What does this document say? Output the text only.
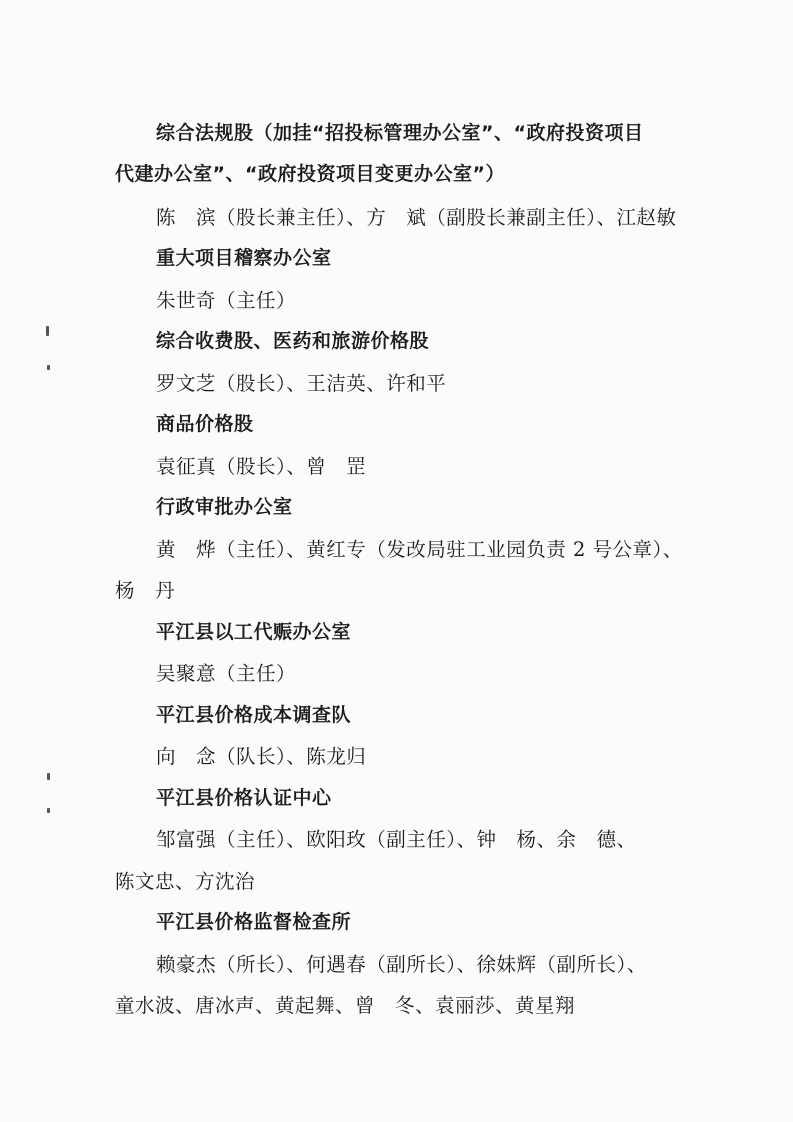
综合法规股（加挂“招投标管理办公室”、“政府投资项目
代建办公室”、“政府投资项目变更办公室”）
陈　滨（股长兼主任）、方　斌（副股长兼副主任）、江赵敏
重大项目稽察办公室
朱世奇（主任）
综合收费股、医药和旅游价格股
罗文芝（股长）、王洁英、许和平
商品价格股
袁征真（股长）、曾　罡
行政审批办公室
黄　烨（主任）、黄红专（发改局驻工业园负责 2 号公章）、
杨　丹
平江县以工代赈办公室
吴聚意（主任）
平江县价格成本调查队
向　念（队长）、陈龙归
平江县价格认证中心
邹富强（主任）、欧阳玫（副主任）、钟　杨、余　德、
陈文忠、方沈治
平江县价格监督检查所
赖豪杰（所长）、何遇春（副所长）、徐妹辉（副所长）、
童水波、唐冰声、黄起舞、曾　冬、袁丽莎、黄星翔
